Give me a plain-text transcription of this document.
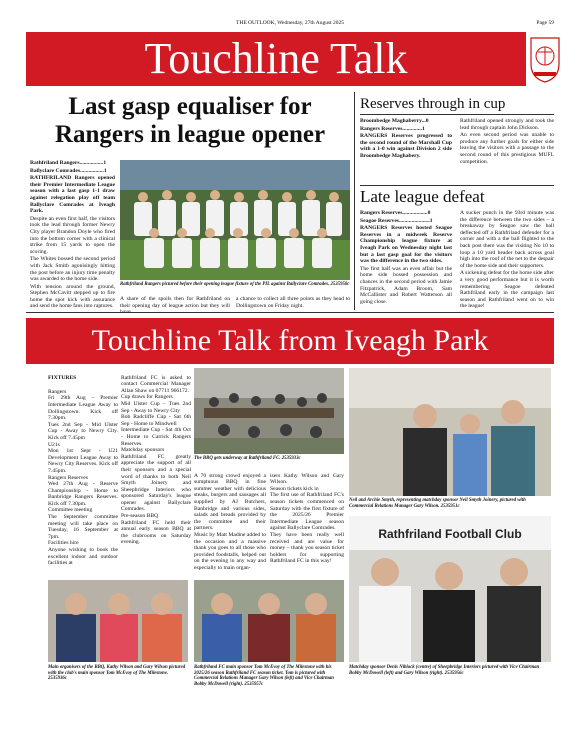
THE OUTLOOK, Wednesday, 27th August 2025	Page 59
Touchline Talk
Last gasp equaliser for Rangers in league opener

Rathfriland Rangers.................1

Ballyclare Comrades.................1

RATHFRILAND Rangers opened their Premier Intermediate League season with a last gasp 1-1 draw against relegation play off team Ballyclare Comrades at Iveagh Park.

Despite an even first half, the visitors took the lead through former Newry City player Brandon Doyle who fired into the bottom corner with a clinical strike from 15 yards to open the scoring.

The Whites bossed the second period with Jack Smith agonisingly hitting the post before an injury time penalty was awarded to the home side.

With tension around the ground, Stephen McCavitt stepped up to fire home the spot kick with assurance and send the home fans into raptures.

Rathfriland Rangers pictured before their opening league fixture of the PIL against Ballyclare Comrades. 2535950c

A share of the spoils then for Rathfriland on their opening day of league action but they will

a chance to collect all three points as they head to Dollingstown on Friday night.

Reserves through in cup

Broombedge Maghaberry...0

Rangers Reserves..............1

RANGERS Reserves progressed to the second round of the Marshall Cup with a 1-0 win against Division 2 side Broombedge Maghabery.

Rathfriland opened strongly and took the lead through captain John Dickson.

An even second period was unable to produce any further goals for either side leaving the visitors with a passage to the second round of this prestigious MUFL competition.

Late league defeat

Rangers Reserves..................0

Seagoe Reserves......................1

RANGERS Reserves hosted Seagoe Reserves in a midweek Reserve Championship league fixture at Iveagh Park on Wednesday night last but a last gasp goal for the visitors was the difference in the two sides.

The first half was an even affair but the home side bossed possession and chances in the second period with Jamie Fitzpatrick, Adam Broom, Sam McCallister and Robert Watterson all going close.

A sucker punch in the 93rd minute was the difference between the two sides – a breakaway by Seagoe saw the ball deflected off a Rathfriland defender for a corner and with a the ball flighted to the back post there was the visiting No 10 to loop a 10 yard header back across goal high into the roof of the net to the despair of the home side and their supporters.

A sickening defeat for the home side after a very good performance but it is worth remembering Seagoe defeated Rathfriland early in the campaign last season and Rathfriland went on to win the league!

Touchline Talk from Iveagh Park

FIXTURES

Rangers
Fri 29th Aug – Premier Intermediate League Away to Dollingstown. Kick off 7.30pm.
Tues 2nd Sep - Mid Ulster Cup - Away to Newry City. Kick off 7.45pm
U21s
Mon 1st Sept - U21 Development League Away to Newry City Reserves. Kick off 7.45pm.
Rangers Reserves
Wed 27th Aug - Reserve Championship - Home to Banbridge Rangers Reserves. Kick off 7.30pm.
Committee meeting
The September committee meeting will take place on Tuesday, 16 September at 7pm.
Facilities hire
Anyone wishing to book the excellent indoor and outdoor facilities at

Rathfriland FC is asked to contact Commercial Manager Allan Shaw on 07711 966172.
Cup draws for Rangers
Mid Ulster Cup – Tues 2nd Sep - Away to Newry City
Bob Radcliffe Cup - Sat 6th Sep - Home to Mindwell
Intermediate Cup - Sat 4th Oct - Home to Carrick Rangers Reserves.
Matchday sponsors
Rathfriland FC greatly appreciate the support of all their sponsors and a special word of thanks to both Neil Smyth Joinery and Sheepbridge Interiors who sponsored Saturday's league opener against Ballyclare Comrades.
Pre-season BBQ
Rathfriland FC held their annual early season BBQ at the clubrooms on Saturday evening.

The BBQ gets underway at Rathfriland FC. 2535933c

A 70 strong crowd enjoyed a sumptuous BBQ in fine summer weather with delicious steaks, burgers and sausages all supplied by AJ Butchers, Banbridge and various sides, salads and breads provided by the committee and their partners.
Music by Matt Madine added to the occasion and a massive thank you goes to all those who provided foodstalls, helped out on the evening in any way and especially to main organ-

isers Kathy Wilson and Gary Wilson.
Season tickets kick in
The first use of Rathfriland FC's season tickets commenced on Saturday with the first fixture of the 2025/26 Premier Intermediate League season against Ballyclare Comrades.
They have been really well received and are value for money – thank you season ticket holders for supporting Rathfriland FC in this way!

Neil and Archie Smyth, representing matchday sponsor Neil Smyth Joinery, pictured with Commercial Relations Manager Gary Wilson. 2535951c
Main organisers of the BBQ, Kathy Wilson and Gary Wilson pictured with the club's main sponsor Tom McEvoy of The Milestone. 2535936c
Rathfriland FC main sponsor Tom McEvoy of The Milestone with his 2025/26 season Rathfriland FC season ticket. Tom is pictured with Commercial Relations Manager Gary Wilson (left) and Vice Chairman Bobby McDowell (right). 2535957c
Rathfriland Football Club
Matchday sponsor Denis Niblock (centre) of Sheepbridge Interiors pictured with Vice Chairman Bobby McDowell (left) and Gary Wilson (right). 2535956c
